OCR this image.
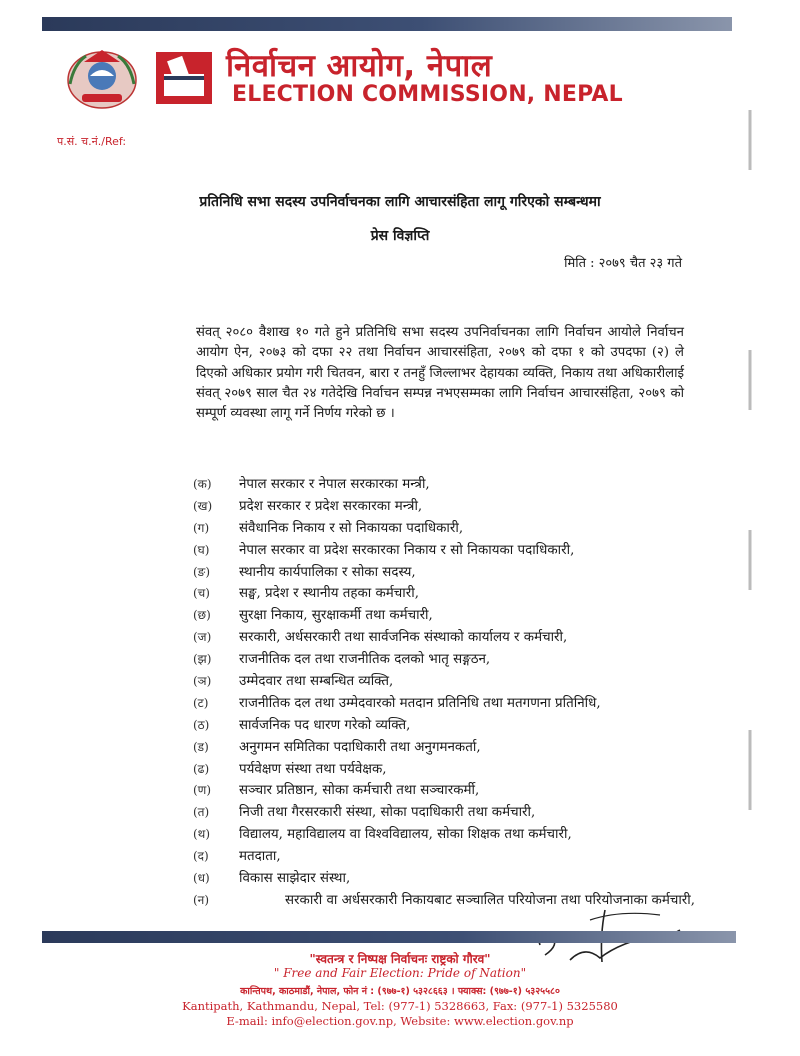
निर्वाचन आयोग, नेपाल
ELECTION COMMISSION, NEPAL
प.सं. च.नं./Ref:
प्रतिनिधि सभा सदस्य उपनिर्वाचनका लागि आचारसंहिता लागू गरिएको सम्बन्धमा
प्रेस विज्ञप्ति
मिति : २०७९ चैत २३ गते
संवत् २०८० वैशाख १० गते हुने प्रतिनिधि सभा सदस्य उपनिर्वाचनका लागि निर्वाचन आयोले निर्वाचन आयोग ऐन, २०७३ को दफा २२ तथा निर्वाचन आचारसंहिता, २०७९ को दफा १ को उपदफा (२) ले दिएको अधिकार प्रयोग गरी चितवन, बारा र तनहुँ जिल्लाभर देहायका व्यक्ति, निकाय तथा अधिकारीलाई संवत् २०७९ साल चैत २४ गतेदेखि निर्वाचन सम्पन्न नभएसम्मका लागि निर्वाचन आचारसंहिता, २०७९ को सम्पूर्ण व्यवस्था लागू गर्ने निर्णय गरेको छ ।
(क)	नेपाल सरकार र नेपाल सरकारका मन्त्री,
(ख)	प्रदेश सरकार र प्रदेश सरकारका मन्त्री,
(ग)	संवैधानिक निकाय र सो निकायका पदाधिकारी,
(घ)	नेपाल सरकार वा प्रदेश सरकारका निकाय र सो निकायका पदाधिकारी,
(ङ)	स्थानीय कार्यपालिका र सोका सदस्य,
(च)	सङ्घ, प्रदेश र स्थानीय तहका कर्मचारी,
(छ)	सुरक्षा निकाय, सुरक्षाकर्मी तथा कर्मचारी,
(ज)	सरकारी, अर्धसरकारी तथा सार्वजनिक संस्थाको कार्यालय र कर्मचारी,
(झ)	राजनीतिक दल तथा राजनीतिक दलको भातृ सङ्गठन,
(ञ)	उम्मेदवार तथा सम्बन्धित व्यक्ति,
(ट)	राजनीतिक दल तथा उम्मेदवारको मतदान प्रतिनिधि तथा मतगणना प्रतिनिधि,
(ठ)	सार्वजनिक पद धारण गरेको व्यक्ति,
(ड)	अनुगमन समितिका पदाधिकारी तथा अनुगमनकर्ता,
(ढ)	पर्यवेक्षण संस्था तथा पर्यवेक्षक,
(ण)	सञ्चार प्रतिष्ठान, सोका कर्मचारी तथा सञ्चारकर्मी,
(त)	निजी तथा गैरसरकारी संस्था, सोका पदाधिकारी तथा कर्मचारी,
(थ)	विद्यालय, महाविद्यालय वा विश्वविद्यालय, सोका शिक्षक तथा कर्मचारी,
(द)	मतदाता,
(ध)	विकास साझेदार संस्था,
(न)	सरकारी वा अर्धसरकारी निकायबाट सञ्चालित परियोजना तथा परियोजनाका कर्मचारी,
"स्वतन्त्र र निष्पक्ष निर्वाचनः राष्ट्रको गौरव"
" Free and Fair Election: Pride of Nation"
कान्तिपथ, काठमाडौं, नेपाल, फोन नं : (९७७-१) ५३२८६६३ । फ्याक्स: (९७७-१) ५३२५५८०
Kantipath, Kathmandu, Nepal, Tel: (977-1) 5328663, Fax: (977-1) 5325580
E-mail: info@election.gov.np, Website: www.election.gov.np
